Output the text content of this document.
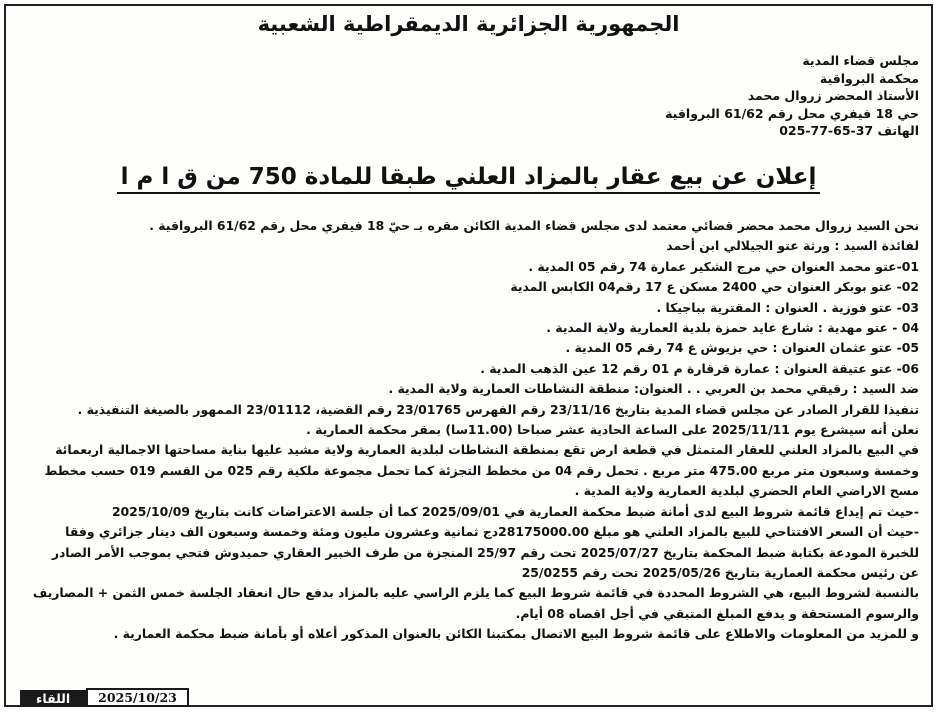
الجمهورية الجزائرية الديمقراطية الشعبية
مجلس قضاء المدية
محكمة البرواقية
الأستاذ المحضر زروال محمد
حي 18 فيفري محل رقم 61/62 البرواقية
الهاتف 37-65-77-025
إعلان عن بيع عقار بالمزاد العلني طبقا للمادة 750 من ق ا م ا
نحن السيد زروال محمد محضر قضائي معتمد لدى مجلس قضاء المدية الكائن مقره بـ حيّ 18 فيفري محل رقم 61/62 البرواقية .
لفائدة السيد : ورثة عتو الجيلالي ابن أحمد
01-عتو محمد العنوان حي مرج الشكير عمارة 74 رقم 05 المدية .
02- عتو بوبكر العنوان حي 2400 مسكن ع 17 رقم04 الكابس المدية
03- عتو فوزية . العنوان : المقترية بباجيكا .
04 - عتو مهدية : شارع عايد حمزة بلدية العمارية ولاية المدية .
05- عتو عثمان العنوان : حي بزيوش ع 74 رقم 05 المدية .
06- عتو عتيقة العنوان : عمارة قرقارة م 01 رقم 12 عين الذهب المدية .
ضد السيد : رقيقي محمد بن العربي . . العنوان: منطقة النشاطات العمارية ولاية المدية .
تنفيذا للقرار الصادر عن مجلس قضاء المدية بتاريخ 23/11/16 رقم الفهرس 23/01765 رقم القضية، 23/01112 الممهور بالصيغة التنفيذية .
نعلن أنه سيشرع يوم 2025/11/11 على الساعة الحادية عشر صباحا (11.00سا) بمقر محكمة العمارية .
في البيع بالمزاد العلني للعقار المتمثل في قطعة ارض تقع بمنطقة النشاطات لبلدية العمارية ولاية مشيد عليها بناية مساحتها الاجمالية اربعمائة
وخمسة وسبعون متر مربع 475.00 متر مربع . تحمل رقم 04 من مخطط التجزئة كما تحمل مجموعة ملكية رقم 025 من القسم 019 حسب مخطط
مسح الاراضي العام الحضري لبلدية العمارية ولاية المدية .
-حيث تم إيداع قائمة شروط البيع لدى أمانة ضبط محكمة العمارية في 2025/09/01 كما أن جلسة الاعتراضات كانت بتاريخ 2025/10/09
-حيث أن السعر الافتتاحي للبيع بالمزاد العلني هو مبلغ 28175000.00دج ثمانية وعشرون مليون ومئة وخمسة وسبعون الف دينار جزائري وفقا
للخبرة المودعة بكتابة ضبط المحكمة بتاريخ 2025/07/27 تحت رقم 25/97 المنجزة من طرف الخبير العقاري حميدوش فتحي بموجب الأمر الصادر
عن رئيس محكمة العمارية بتاريخ 2025/05/26 تحت رقم 25/0255
بالنسبة لشروط البيع، هي الشروط المحددة في قائمة شروط البيع كما يلزم الراسي عليه بالمزاد بدفع حال انعقاد الجلسة خمس الثمن + المصاريف
والرسوم المستحقة و يدفع المبلغ المتبقي في أجل اقصاه 08 أيام.
و للمزيد من المعلومات والاطلاع على قائمة شروط البيع الاتصال بمكتبنا الكائن بالعنوان المذكور أعلاه أو بأمانة ضبط محكمة العمارية .
اللقاء	2025/10/23
